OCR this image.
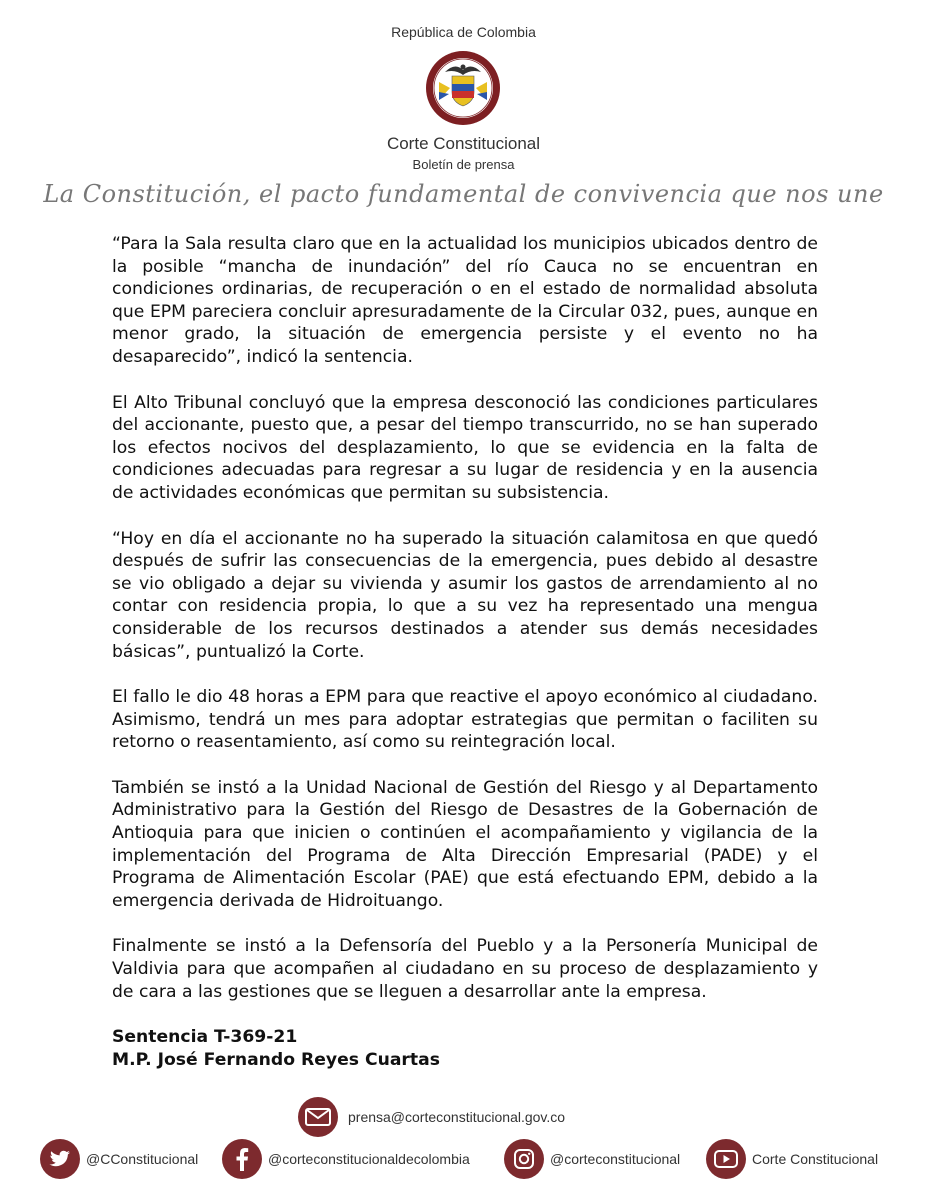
República de Colombia
Corte Constitucional
Boletín de prensa
La Constitución, el pacto fundamental de convivencia que nos une

“Para la Sala resulta claro que en la actualidad los municipios ubicados dentro de la posible “mancha de inundación” del río Cauca no se encuentran en condiciones ordinarias, de recuperación o en el estado de normalidad absoluta que EPM pareciera concluir apresuradamente de la Circular 032, pues, aunque en menor grado, la situación de emergencia persiste y el evento no ha desaparecido”, indicó la sentencia.

El Alto Tribunal concluyó que la empresa desconoció las condiciones particulares del accionante, puesto que, a pesar del tiempo transcurrido, no se han superado los efectos nocivos del desplazamiento, lo que se evidencia en la falta de condiciones adecuadas para regresar a su lugar de residencia y en la ausencia de actividades económicas que permitan su subsistencia.

“Hoy en día el accionante no ha superado la situación calamitosa en que quedó después de sufrir las consecuencias de la emergencia, pues debido al desastre se vio obligado a dejar su vivienda y asumir los gastos de arrendamiento al no contar con residencia propia, lo que a su vez ha representado una mengua considerable de los recursos destinados a atender sus demás necesidades básicas”, puntualizó la Corte.

El fallo le dio 48 horas a EPM para que reactive el apoyo económico al ciudadano. Asimismo, tendrá un mes para adoptar estrategias que permitan o faciliten su retorno o reasentamiento, así como su reintegración local.

También se instó a la Unidad Nacional de Gestión del Riesgo y al Departamento Administrativo para la Gestión del Riesgo de Desastres de la Gobernación de Antioquia para que inicien o continúen el acompañamiento y vigilancia de la implementación del Programa de Alta Dirección Empresarial (PADE) y el Programa de Alimentación Escolar (PAE) que está efectuando EPM, debido a la emergencia derivada de Hidroituango.

Finalmente se instó a la Defensoría del Pueblo y a la Personería Municipal de Valdivia para que acompañen al ciudadano en su proceso de desplazamiento y de cara a las gestiones que se lleguen a desarrollar ante la empresa.

Sentencia T-369-21
M.P. José Fernando Reyes Cuartas
prensa@corteconstitucional.gov.co
@CConstitucional	@corteconstitucionaldecolombia	@corteconstitucional	Corte Constitucional
